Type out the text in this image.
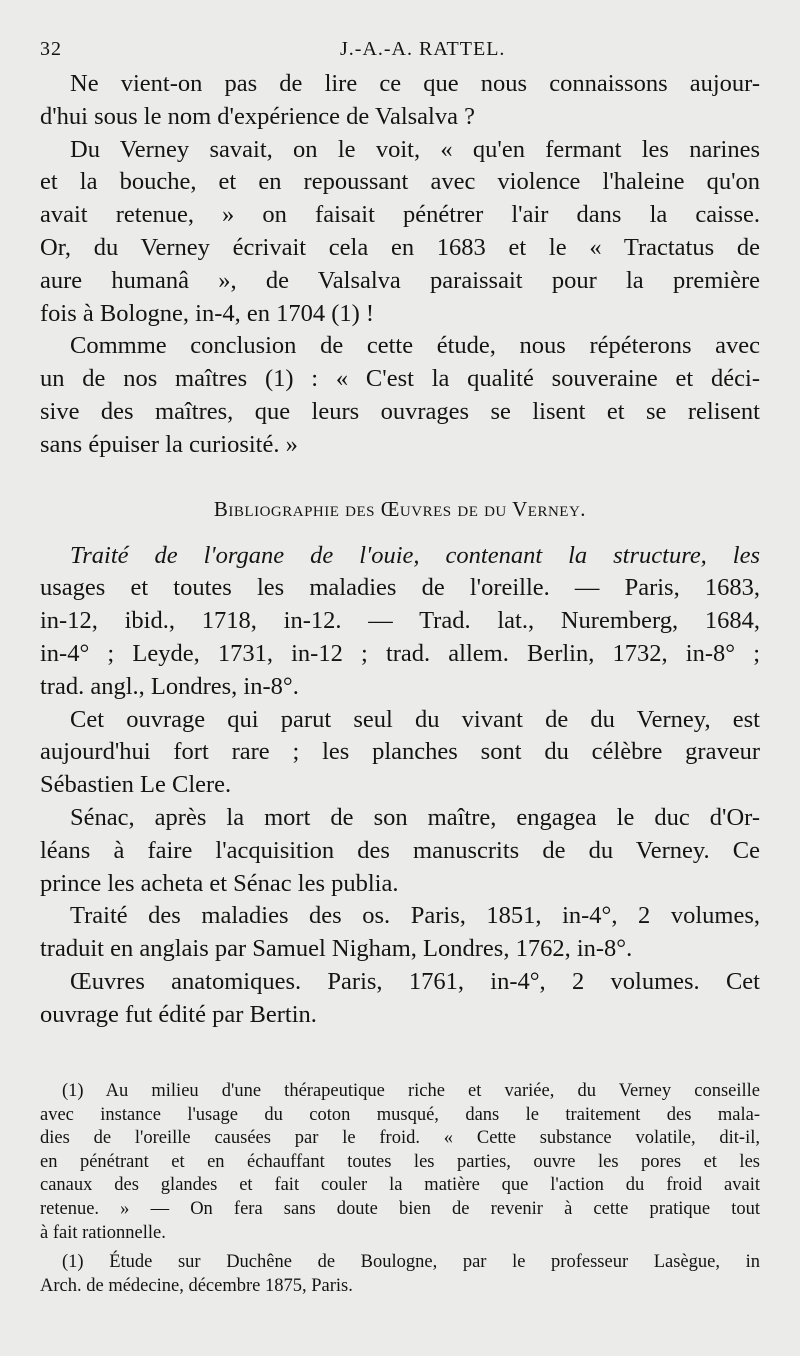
32	J.-A.-A. RATTEL.

Ne vient-on pas de lire ce que nous connaissons aujour-
d'hui sous le nom d'expérience de Valsalva ?

Du Verney savait, on le voit, « qu'en fermant les narines
et la bouche, et en repoussant avec violence l'haleine qu'on
avait retenue, » on faisait pénétrer l'air dans la caisse.
Or, du Verney écrivait cela en 1683 et le « Tractatus de
aure humanâ », de Valsalva paraissait pour la première
fois à Bologne, in-4, en 1704 (1) !

Commme conclusion de cette étude, nous répéterons avec
un de nos maîtres (1) : « C'est la qualité souveraine et déci-
sive des maîtres, que leurs ouvrages se lisent et se relisent
sans épuiser la curiosité. »

Bibliographie des Œuvres de du Verney.

Traité de l'organe de l'ouie, contenant la structure, les
usages et toutes les maladies de l'oreille. — Paris, 1683,
in-12, ibid., 1718, in-12. — Trad. lat., Nuremberg, 1684,
in-4° ; Leyde, 1731, in-12 ; trad. allem. Berlin, 1732, in-8° ;
trad. angl., Londres, in-8°.

Cet ouvrage qui parut seul du vivant de du Verney, est
aujourd'hui fort rare ; les planches sont du célèbre graveur
Sébastien Le Clere.

Sénac, après la mort de son maître, engagea le duc d'Or-
léans à faire l'acquisition des manuscrits de du Verney. Ce
prince les acheta et Sénac les publia.

Traité des maladies des os. Paris, 1851, in-4°, 2 volumes,
traduit en anglais par Samuel Nigham, Londres, 1762, in-8°.

Œuvres anatomiques. Paris, 1761, in-4°, 2 volumes. Cet
ouvrage fut édité par Bertin.

(1) Au milieu d'une thérapeutique riche et variée, du Verney conseille
avec instance l'usage du coton musqué, dans le traitement des mala-
dies de l'oreille causées par le froid. « Cette substance volatile, dit-il,
en pénétrant et en échauffant toutes les parties, ouvre les pores et les
canaux des glandes et fait couler la matière que l'action du froid avait
retenue. » — On fera sans doute bien de revenir à cette pratique tout
à fait rationnelle.

(1) Étude sur Duchêne de Boulogne, par le professeur Lasègue, in
Arch. de médecine, décembre 1875, Paris.
